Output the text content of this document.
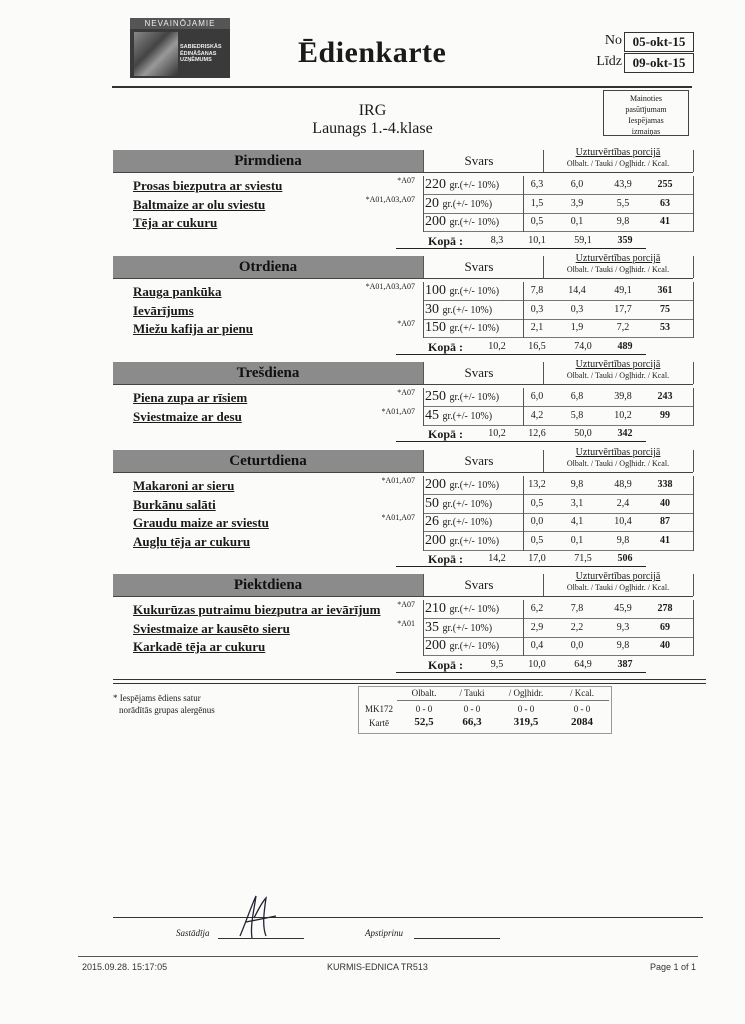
NEVAINŌJAMIE
SABIEDRISKĀS
ĒDINĀŠANAS
UZŅĒMUMS	Ēdienkarte	No 05-okt-15
Līdz 09-okt-15
Mainoties
pasūtījumam
Iespējamas
izmaiņas
IRG
Launags 1.-4.klase
Pirmdiena	Svars
Uzturvērtības porcijā
Olbalt. / Tauki / Ogļhidr. / Kcal.
Prosas biezputra ar sviestu	*A07 220 gr.(+/- 10%)	6,3	6,0	43,9	255
Baltmaize ar olu sviestu	*A01,A03,A07 20 gr.(+/- 10%)	1,5	3,9	5,5	63
Tēja ar cukuru	200 gr.(+/- 10%)	0,5	0,1	9,8	41
Kopā :	8,3	10,1	59,1	359
Otrdiena	Svars
Uzturvērtības porcijā
Olbalt. / Tauki / Ogļhidr. / Kcal.
Rauga pankūka	*A01,A03,A07 100 gr.(+/- 10%)	7,8	14,4	49,1	361
Ievārījums	30 gr.(+/- 10%)	0,3	0,3	17,7	75
Miežu kafija ar pienu	*A07 150 gr.(+/- 10%)	2,1	1,9	7,2	53
Kopā :	10,2	16,5	74,0	489
Trešdiena	Svars
Uzturvērtības porcijā
Olbalt. / Tauki / Ogļhidr. / Kcal.
Piena zupa ar rīsiem	*A07 250 gr.(+/- 10%)	6,0	6,8	39,8	243
Sviestmaize ar desu	*A01,A07 45 gr.(+/- 10%)	4,2	5,8	10,2	99
Kopā :	10,2	12,6	50,0	342
Ceturtdiena	Svars
Uzturvērtības porcijā
Olbalt. / Tauki / Ogļhidr. / Kcal.
Makaroni ar sieru	*A01,A07 200 gr.(+/- 10%)	13,2	9,8	48,9	338
Burkānu salāti	50 gr.(+/- 10%)	0,5	3,1	2,4	40
Graudu maize ar sviestu	*A01,A07 26 gr.(+/- 10%)	0,0	4,1	10,4	87
Augļu tēja ar cukuru	200 gr.(+/- 10%)	0,5	0,1	9,8	41
Kopā :	14,2	17,0	71,5	506
Piektdiena	Svars
Uzturvērtības porcijā
Olbalt. / Tauki / Ogļhidr. / Kcal.
Kukurūzas putraimu biezputra ar ievārījum *A07 210 gr.(+/- 10%)	6,2	7,8	45,9	278
Sviestmaize ar kausēto sieru	*A01 35 gr.(+/- 10%)	2,9	2,2	9,3	69
Karkadē tēja ar cukuru	200 gr.(+/- 10%)	0,4	0,0	9,8	40
Kopā :	9,5	10,0	64,9	387
* Iespējams ēdiens satur
norādītās grupas alergēnus
Olbalt.	/ Tauki	/ Ogļhidr.	/ Kcal.
MK172	0 - 0	0 - 0	0 - 0	0 - 0
Kartē	52,5	66,3	319,5	2084
Sastādīja	Apstiprinu
2015.09.28. 15:17:05	KURMIS-EDNICA TR513	Page 1 of 1
